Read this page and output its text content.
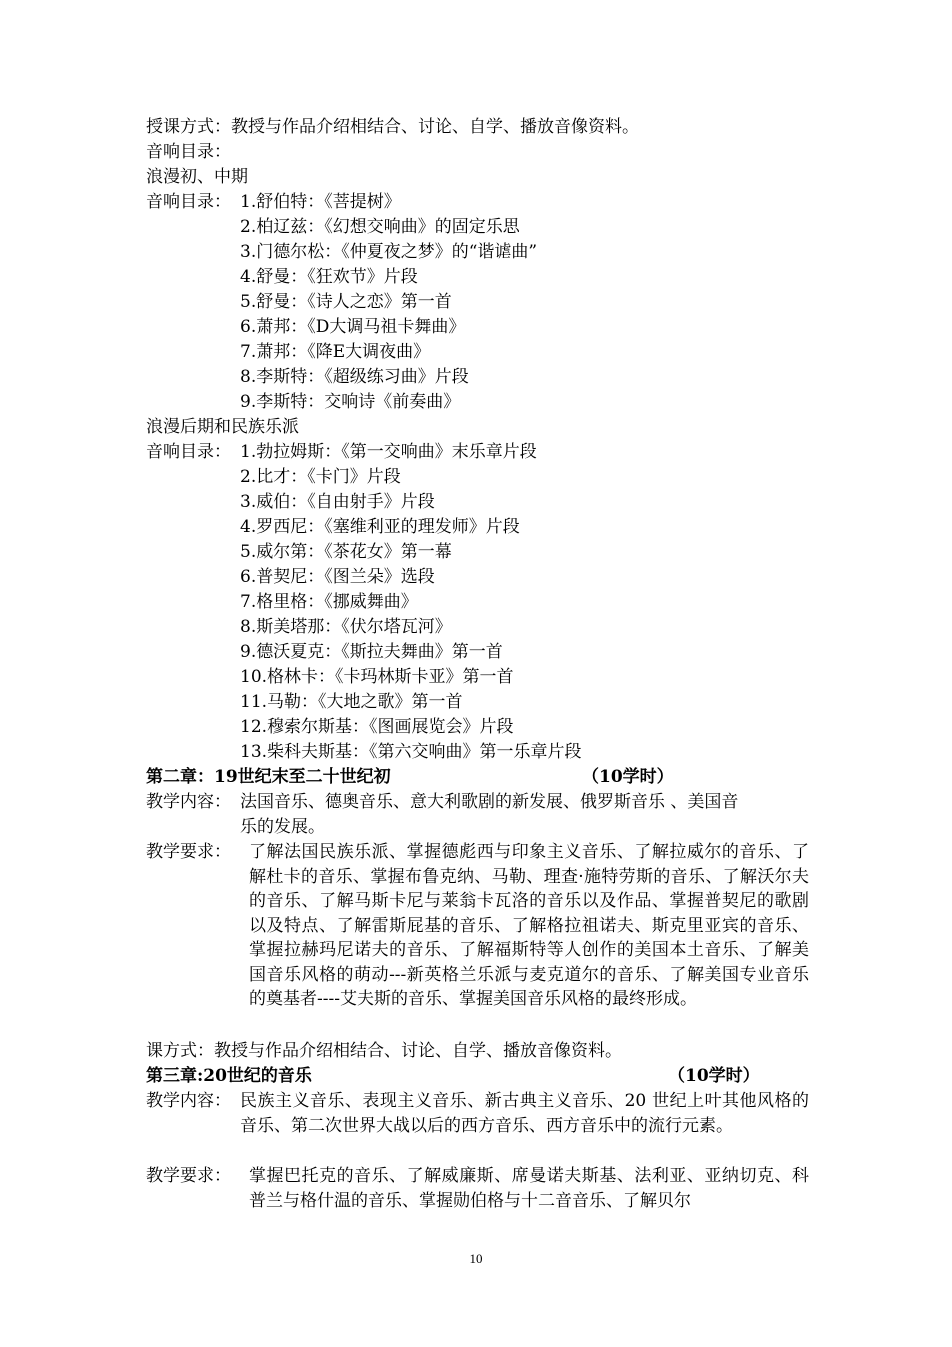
授课方式：教授与作品介绍相结合、讨论、自学、播放音像资料。
音响目录：
浪漫初、中期
音响目录： 1.舒伯特：《菩提树》
2.柏辽兹：《幻想交响曲》的固定乐思
3.门德尔松：《仲夏夜之梦》的“谐谑曲”
4.舒曼：《狂欢节》片段
5.舒曼：《诗人之恋》第一首
6.萧邦：《D大调马祖卡舞曲》
7.萧邦：《降E大调夜曲》
8.李斯特：《超级练习曲》片段
9.李斯特：交响诗《前奏曲》
浪漫后期和民族乐派
音响目录： 1.勃拉姆斯：《第一交响曲》末乐章片段
2.比才：《卡门》片段
3.威伯：《自由射手》片段
4.罗西尼：《塞维利亚的理发师》片段
5.威尔第：《茶花女》第一幕
6.普契尼：《图兰朵》选段
7.格里格：《挪威舞曲》
8.斯美塔那：《伏尔塔瓦河》
9.德沃夏克：《斯拉夫舞曲》第一首
10.格林卡：《卡玛林斯卡亚》第一首
11.马勒：《大地之歌》第一首
12.穆索尔斯基：《图画展览会》片段
13.柴科夫斯基：《第六交响曲》第一乐章片段
第二章：19世纪末至二十世纪初	（10学时）
教学内容： 法国音乐、德奥音乐、意大利歌剧的新发展、俄罗斯音乐 、美国音
乐的发展。
教学要求： 了解法国民族乐派、掌握德彪西与印象主义音乐、了解拉威尔的音乐、了解杜卡的音乐、掌握布鲁克纳、马勒、理查·施特劳斯的音乐、了解沃尔夫的音乐、了解马斯卡尼与莱翁卡瓦洛的音乐以及作品、掌握普契尼的歌剧以及特点、了解雷斯屁基的音乐、了解格拉祖诺夫、斯克里亚宾的音乐、掌握拉赫玛尼诺夫的音乐、了解福斯特等人创作的美国本土音乐、了解美国音乐风格的萌动---新英格兰乐派与麦克道尔的音乐、了解美国专业音乐的奠基者----艾夫斯的音乐、掌握美国音乐风格的最终形成。
课方式：教授与作品介绍相结合、讨论、自学、播放音像资料。
第三章:20世纪的音乐	（10学时）
教学内容： 民族主义音乐、表现主义音乐、新古典主义音乐、20 世纪上叶其他风格的音乐、第二次世界大战以后的西方音乐、西方音乐中的流行元素。
教学要求： 掌握巴托克的音乐、了解威廉斯、席曼诺夫斯基、法利亚、亚纳切克、科普兰与格什温的音乐、掌握勋伯格与十二音音乐、了解贝尔
10
